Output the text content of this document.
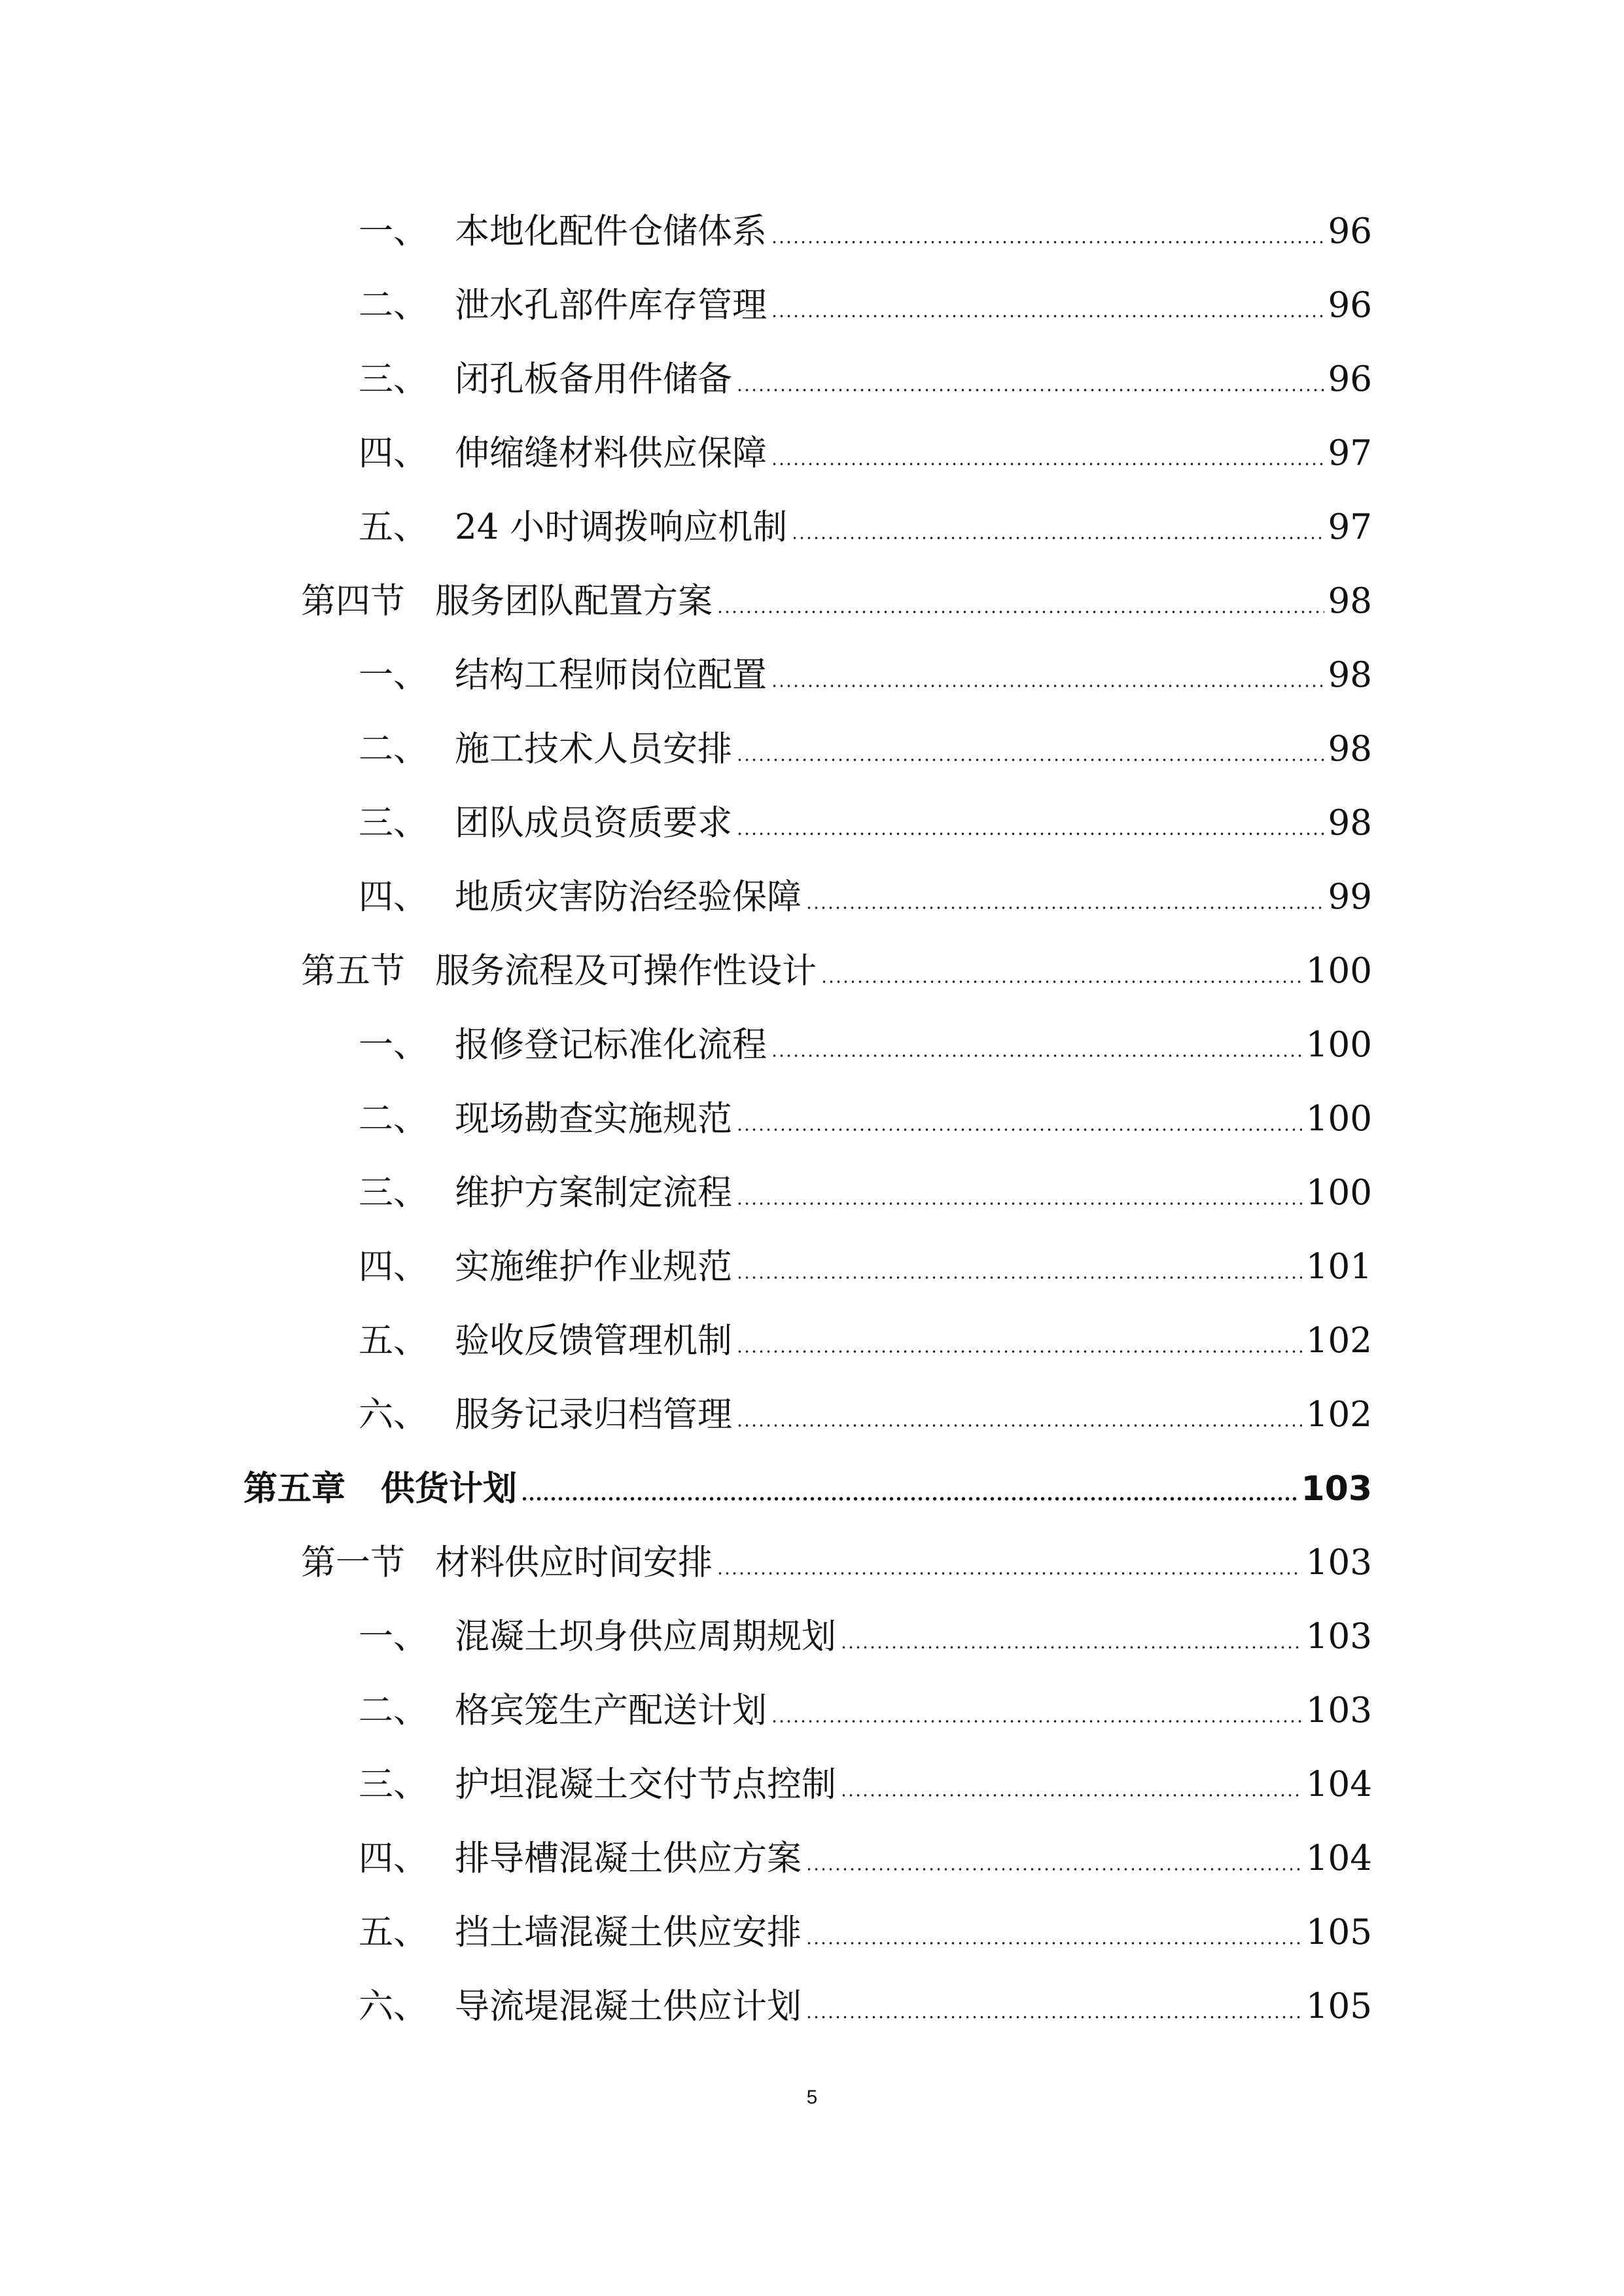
一、 本地化配件仓储体系	96
二、 泄水孔部件库存管理	96
三、 闭孔板备用件储备	96
四、 伸缩缝材料供应保障	97
五、 24 小时调拨响应机制	97
第四节 服务团队配置方案	98
一、 结构工程师岗位配置	98
二、 施工技术人员安排	98
三、 团队成员资质要求	98
四、 地质灾害防治经验保障	99
第五节 服务流程及可操作性设计	100
一、 报修登记标准化流程	100
二、 现场勘查实施规范	100
三、 维护方案制定流程	100
四、 实施维护作业规范	101
五、 验收反馈管理机制	102
六、 服务记录归档管理	102
第五章	供货计划	103
第一节 材料供应时间安排	103
一、 混凝土坝身供应周期规划	103
二、 格宾笼生产配送计划	103
三、 护坦混凝土交付节点控制	104
四、 排导槽混凝土供应方案	104
五、 挡土墙混凝土供应安排	105
六、 导流堤混凝土供应计划	105
5
